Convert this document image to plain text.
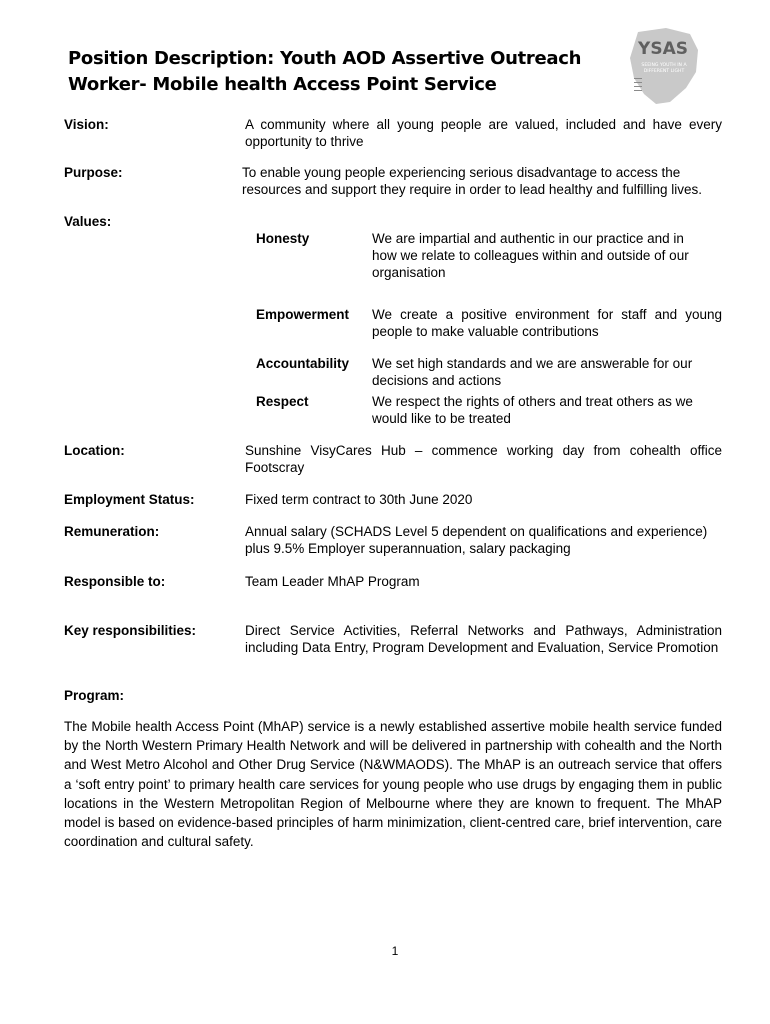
Position Description: Youth AOD Assertive Outreach
Worker- Mobile health Access Point Service
YSAS
SEEING YOUTH IN A
DIFFERENT LIGHT
Vision:	A community where all young people are valued, included and have every opportunity to thrive
Purpose:	To enable young people experiencing serious disadvantage to access the resources and support they require in order to lead healthy and fulfilling lives.
Values:
Honesty	We are impartial and authentic in our practice and in how we relate to colleagues within and outside of our organisation
Empowerment We create a positive environment for staff and young people to make valuable contributions
Accountability We set high standards and we are answerable for our decisions and actions
Respect	We respect the rights of others and treat others as we would like to be treated
Location:	Sunshine VisyCares Hub – commence working day from cohealth office Footscray
Employment Status:	Fixed term contract to 30th June 2020
Remuneration:	Annual salary (SCHADS Level 5 dependent on qualifications and experience) plus 9.5% Employer superannuation, salary packaging
Responsible to:	Team Leader MhAP Program
Key responsibilities:	Direct Service Activities, Referral Networks and Pathways, Administration including Data Entry, Program Development and Evaluation, Service Promotion
Program:
The Mobile health Access Point (MhAP) service is a newly established assertive mobile health service funded by the North Western Primary Health Network and will be delivered in partnership with cohealth and the North and West Metro Alcohol and Other Drug Service (N&WMAODS). The MhAP is an outreach service that offers a ‘soft entry point’ to primary health care services for young people who use drugs by engaging them in public locations in the Western Metropolitan Region of Melbourne where they are known to frequent. The MhAP model is based on evidence-based principles of harm minimization, client-centred care, brief intervention, care coordination and cultural safety.
1
